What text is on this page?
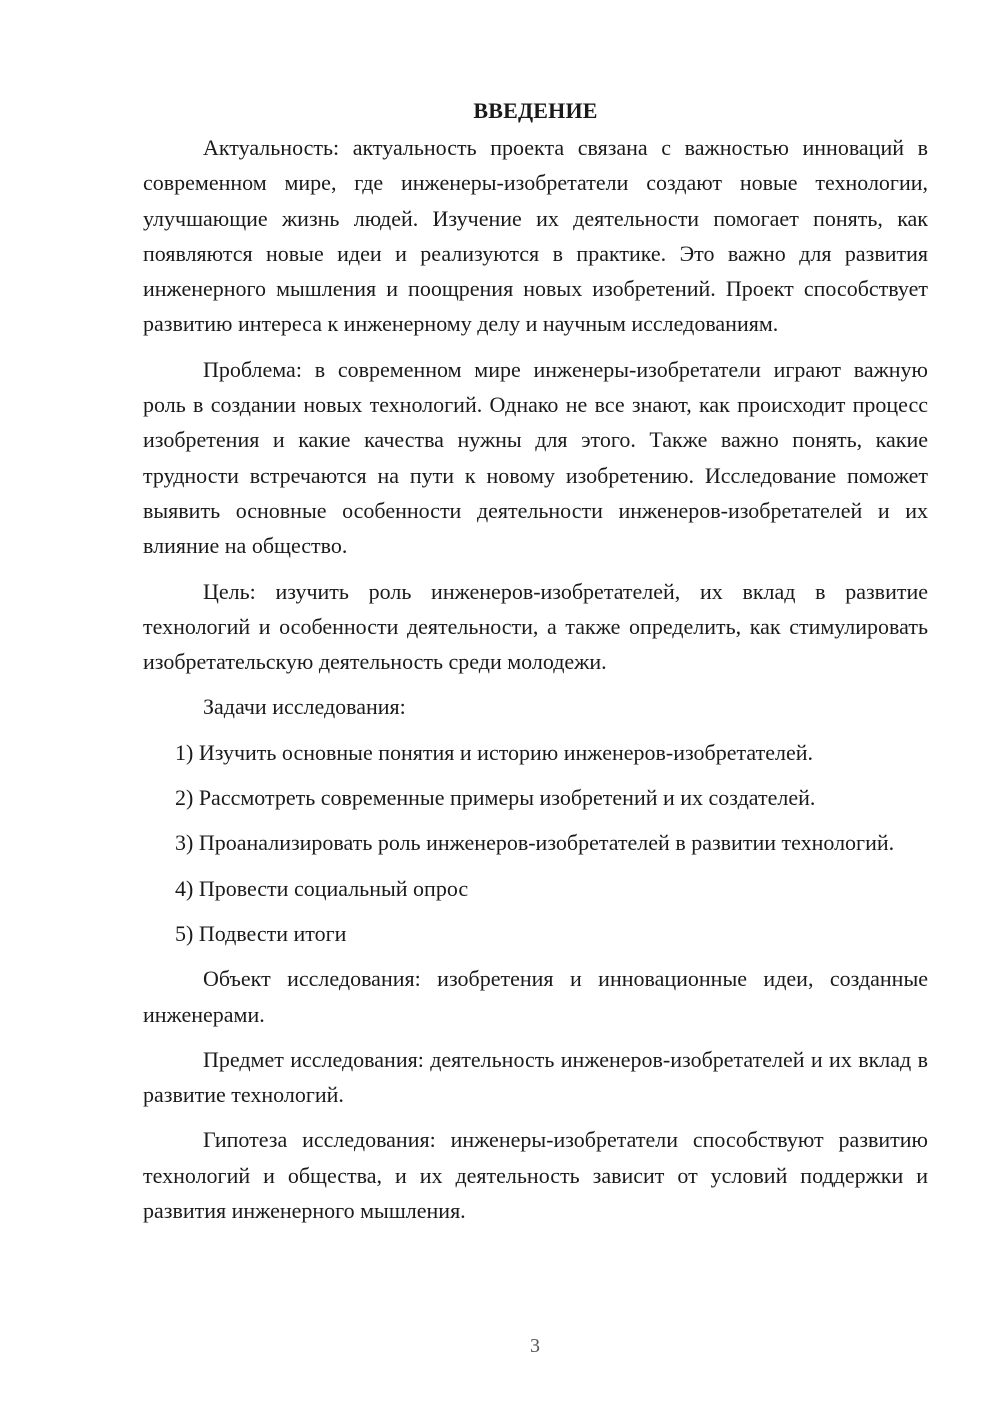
ВВЕДЕНИЕ

Актуальность: актуальность проекта связана с важностью инноваций в современном мире, где инженеры-изобретатели создают новые технологии, улучшающие жизнь людей. Изучение их деятельности помогает понять, как появляются новые идеи и реализуются в практике. Это важно для развития инженерного мышления и поощрения новых изобретений. Проект способствует развитию интереса к инженерному делу и научным исследованиям.

Проблема: в современном мире инженеры-изобретатели играют важную роль в создании новых технологий. Однако не все знают, как происходит процесс изобретения и какие качества нужны для этого. Также важно понять, какие трудности встречаются на пути к новому изобретению. Исследование поможет выявить основные особенности деятельности инженеров-изобретателей и их влияние на общество.

Цель: изучить роль инженеров-изобретателей, их вклад в развитие технологий и особенности деятельности, а также определить, как стимулировать изобретательскую деятельность среди молодежи.

Задачи исследования:

1) Изучить основные понятия и историю инженеров-изобретателей.

2) Рассмотреть современные примеры изобретений и их создателей.

3) Проанализировать роль инженеров-изобретателей в развитии технологий.

4) Провести социальный опрос

5) Подвести итоги

Объект исследования: изобретения и инновационные идеи, созданные инженерами.

Предмет исследования: деятельность инженеров-изобретателей и их вклад в развитие технологий.

Гипотеза исследования: инженеры-изобретатели способствуют развитию технологий и общества, и их деятельность зависит от условий поддержки и развития инженерного мышления.

3
